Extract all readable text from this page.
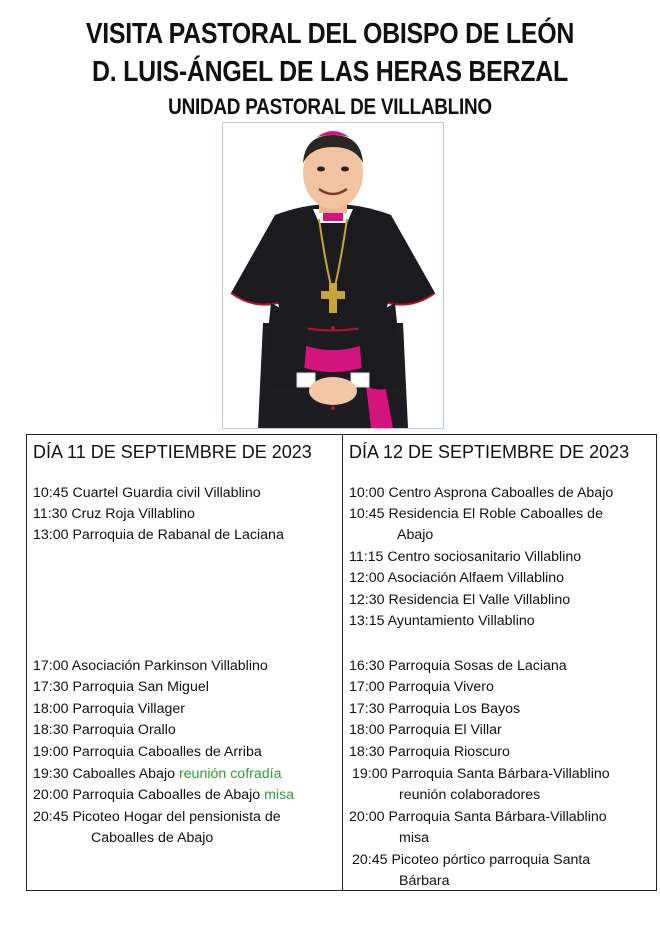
VISITA PASTORAL DEL OBISPO DE LEÓN
D. LUIS-ÁNGEL DE LAS HERAS BERZAL
UNIDAD PASTORAL DE VILLABLINO
DÍA 11 DE SEPTIEMBRE DE 2023 DÍA 12 DE SEPTIEMBRE DE 2023
10:45 Cuartel Guardia civil Villablino
11:30 Cruz Roja Villablino
13:00 Parroquia de Rabanal de Laciana
17:00 Asociación Parkinson Villablino
17:30 Parroquia San Miguel
18:00 Parroquia Villager
18:30 Parroquia Orallo
19:00 Parroquia Caboalles de Arriba
19:30 Caboalles Abajo reunión cofradía
20:00 Parroquia Caboalles de Abajo misa
20:45 Picoteo Hogar del pensionista de
Caboalles de Abajo
10:00 Centro Asprona Caboalles de Abajo
10:45 Residencia El Roble Caboalles de
Abajo
11:15 Centro sociosanitario Villablino
12:00 Asociación Alfaem Villablino
12:30 Residencia El Valle Villablino
13:15 Ayuntamiento Villablino
16:30 Parroquia Sosas de Laciana
17:00 Parroquia Vivero
17:30 Parroquia Los Bayos
18:00 Parroquia El Villar
18:30 Parroquia Rioscuro
19:00 Parroquia Santa Bárbara-Villablino
reunión colaboradores
20:00 Parroquia Santa Bárbara-Villablino
misa
20:45 Picoteo pórtico parroquia Santa
Bárbara
